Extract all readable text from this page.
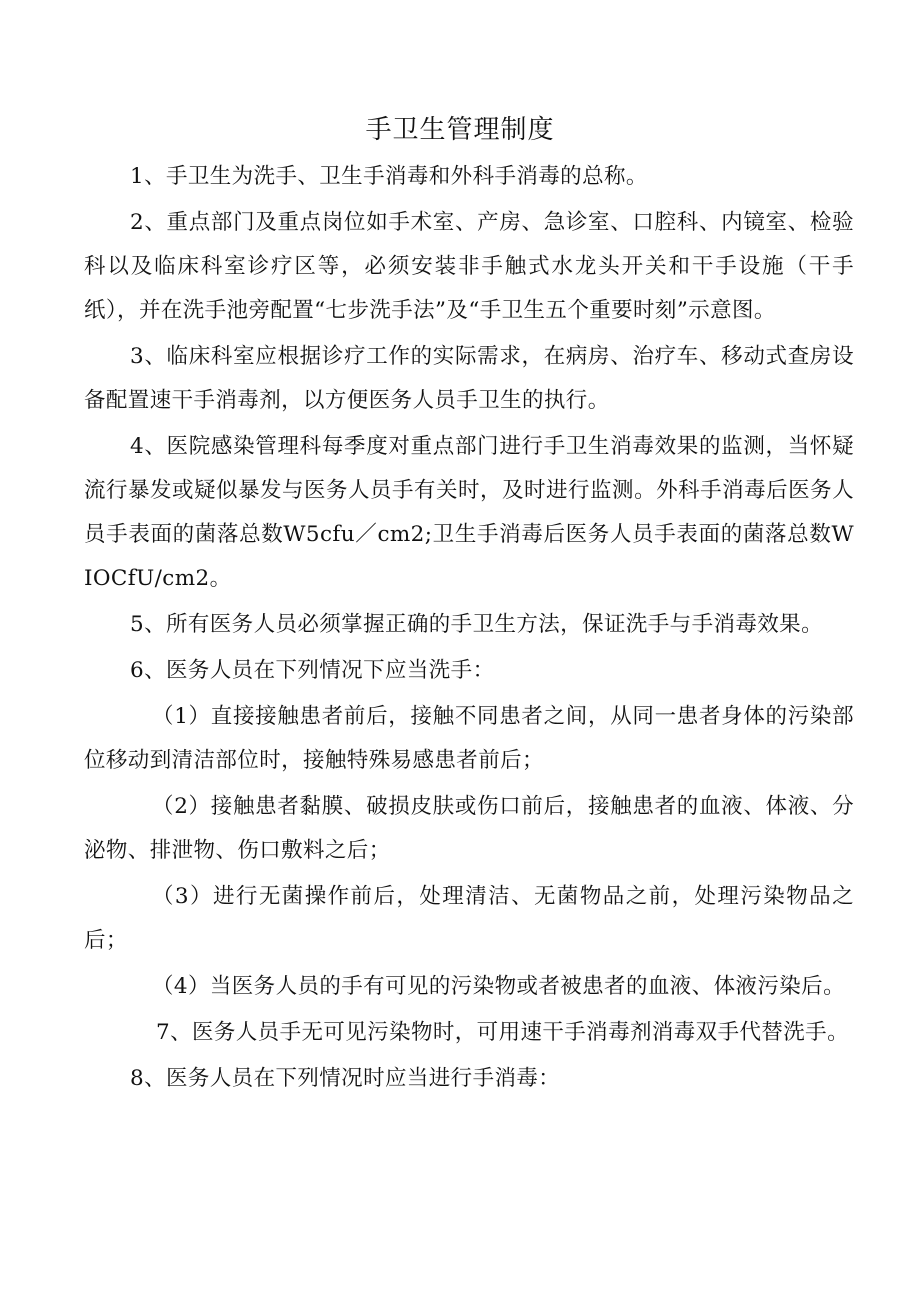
手卫生管理制度

1、手卫生为洗手、卫生手消毒和外科手消毒的总称。

2、重点部门及重点岗位如手术室、产房、急诊室、口腔科、内镜室、检验科以及临床科室诊疗区等，必须安装非手触式水龙头开关和干手设施（干手纸），并在洗手池旁配置“七步洗手法”及“手卫生五个重要时刻”示意图。

3、临床科室应根据诊疗工作的实际需求，在病房、治疗车、移动式查房设备配置速干手消毒剂，以方便医务人员手卫生的执行。

4、医院感染管理科每季度对重点部门进行手卫生消毒效果的监测，当怀疑流行暴发或疑似暴发与医务人员手有关时，及时进行监测。外科手消毒后医务人员手表面的菌落总数W5cfu／cm2;卫生手消毒后医务人员手表面的菌落总数WIOCfU/cm2。

5、所有医务人员必须掌握正确的手卫生方法，保证洗手与手消毒效果。

6、医务人员在下列情况下应当洗手：

（1）直接接触患者前后，接触不同患者之间，从同一患者身体的污染部位移动到清洁部位时，接触特殊易感患者前后；

（2）接触患者黏膜、破损皮肤或伤口前后，接触患者的血液、体液、分泌物、排泄物、伤口敷料之后；

（3）进行无菌操作前后，处理清洁、无菌物品之前，处理污染物品之后；

（4）当医务人员的手有可见的污染物或者被患者的血液、体液污染后。

7、医务人员手无可见污染物时，可用速干手消毒剂消毒双手代替洗手。

8、医务人员在下列情况时应当进行手消毒：
